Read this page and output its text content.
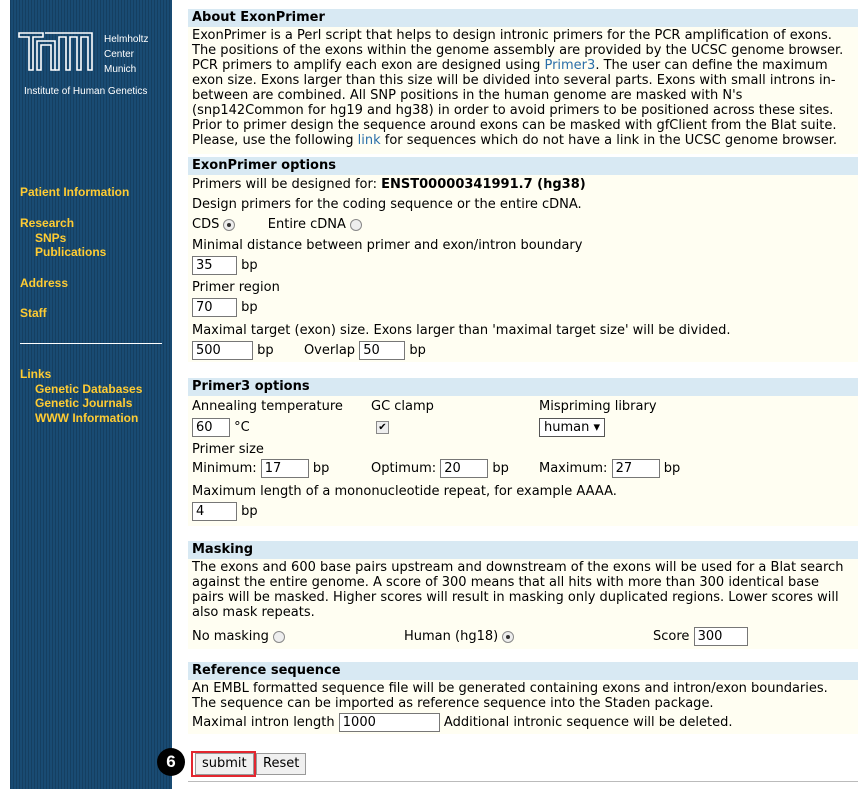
Helmholtz
Center
Munich
Institute of Human Genetics
Patient Information
Research
SNPs
Publications
Address
Staff
Links
Genetic Databases
Genetic Journals
WWW Information
About ExonPrimer

ExonPrimer is a Perl script that helps to design intronic primers for the PCR amplification of exons. The positions of the exons within the genome assembly are provided by the UCSC genome browser. PCR primers to amplify each exon are designed using Primer3. The user can define the maximum exon size. Exons larger than this size will be divided into several parts. Exons with small introns in-between are combined. All SNP positions in the human genome are masked with N's (snp142Common for hg19 and hg38) in order to avoid primers to be positioned across these sites. Prior to primer design the sequence around exons can be masked with gfClient from the Blat suite. Please, use the following link for sequences which do not have a link in the UCSC genome browser.

ExonPrimer options
Primers will be designed for: ENST00000341991.7 (hg38)
Design primers for the coding sequence or the entire cDNA.
CDS	Entire cDNA
Minimal distance between primer and exon/intron boundary
35 bp
Primer region
70 bp
Maximal target (exon) size. Exons larger than 'maximal target size' will be divided.
500 bp Overlap 50	bp
Primer3 options
Annealing temperature GC clamp	Mispriming library
60 °C	✔	human ▾
Primer size
Minimum: 17	bp	Optimum: 20	bp Maximum: 27	bp
Maximum length of a mononucleotide repeat, for example AAAA.
4 bp
Masking

The exons and 600 base pairs upstream and downstream of the exons will be used for a Blat search against the entire genome. A score of 300 means that all hits with more than 300 identical base pairs will be masked. Higher scores will result in masking only duplicated regions. Lower scores will also mask repeats.

No masking	Human (hg18)	Score 300
Reference sequence

An EMBL formatted sequence file will be generated containing exons and intron/exon boundaries. The sequence can be imported as reference sequence into the Staden package.

Maximal intron length 1000	Additional intronic sequence will be deleted.
6	submit	Reset
